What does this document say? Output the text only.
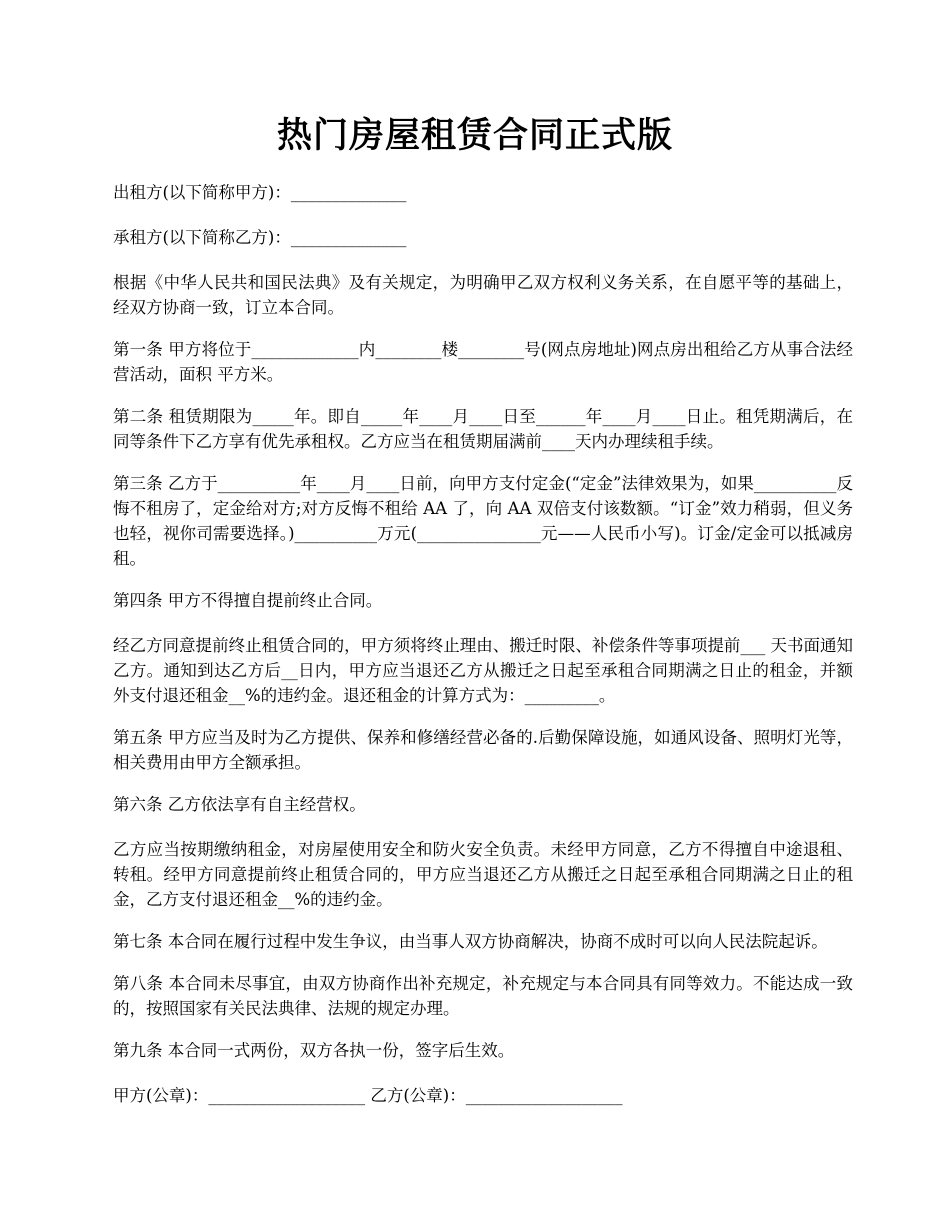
热门房屋租赁合同正式版

出租方(以下简称甲方)：______________

承租方(以下简称乙方)：______________

根据《中华人民共和国民法典》及有关规定，为明确甲乙双方权利义务关系，在自愿平等的基础上，经双方协商一致，订立本合同。

第一条 甲方将位于_____________内________楼________号(网点房地址)网点房出租给乙方从事合法经营活动，面积 平方米。

第二条 租赁期限为_____年。即自_____年____月____日至______年____月____日止。租凭期满后，在同等条件下乙方享有优先承租权。乙方应当在租赁期届满前____天内办理续租手续。

第三条 乙方于__________年____月____日前，向甲方支付定金(“定金”法律效果为，如果__________反悔不租房了，定金给对方;对方反悔不租给 AA 了，向 AA 双倍支付该数额。“订金”效力稍弱，但义务也轻，视你司需要选择。)__________万元(_______________元——人民币小写)。订金/定金可以抵减房租。

第四条 甲方不得擅自提前终止合同。

经乙方同意提前终止租赁合同的，甲方须将终止理由、搬迁时限、补偿条件等事项提前___ 天书面通知乙方。通知到达乙方后__日内，甲方应当退还乙方从搬迁之日起至承租合同期满之日止的租金，并额外支付退还租金__%的违约金。退还租金的计算方式为：_________。

第五条 甲方应当及时为乙方提供、保养和修缮经营必备的.后勤保障设施，如通风设备、照明灯光等，相关费用由甲方全额承担。

第六条 乙方依法享有自主经营权。

乙方应当按期缴纳租金，对房屋使用安全和防火安全负责。未经甲方同意，乙方不得擅自中途退租、转租。经甲方同意提前终止租赁合同的，甲方应当退还乙方从搬迁之日起至承租合同期满之日止的租金，乙方支付退还租金__%的违约金。

第七条 本合同在履行过程中发生争议，由当事人双方协商解决，协商不成时可以向人民法院起诉。

第八条 本合同未尽事宜，由双方协商作出补充规定，补充规定与本合同具有同等效力。不能达成一致的，按照国家有关民法典律、法规的规定办理。

第九条 本合同一式两份，双方各执一份，签字后生效。

甲方(公章)：___________________ 乙方(公章)：___________________
